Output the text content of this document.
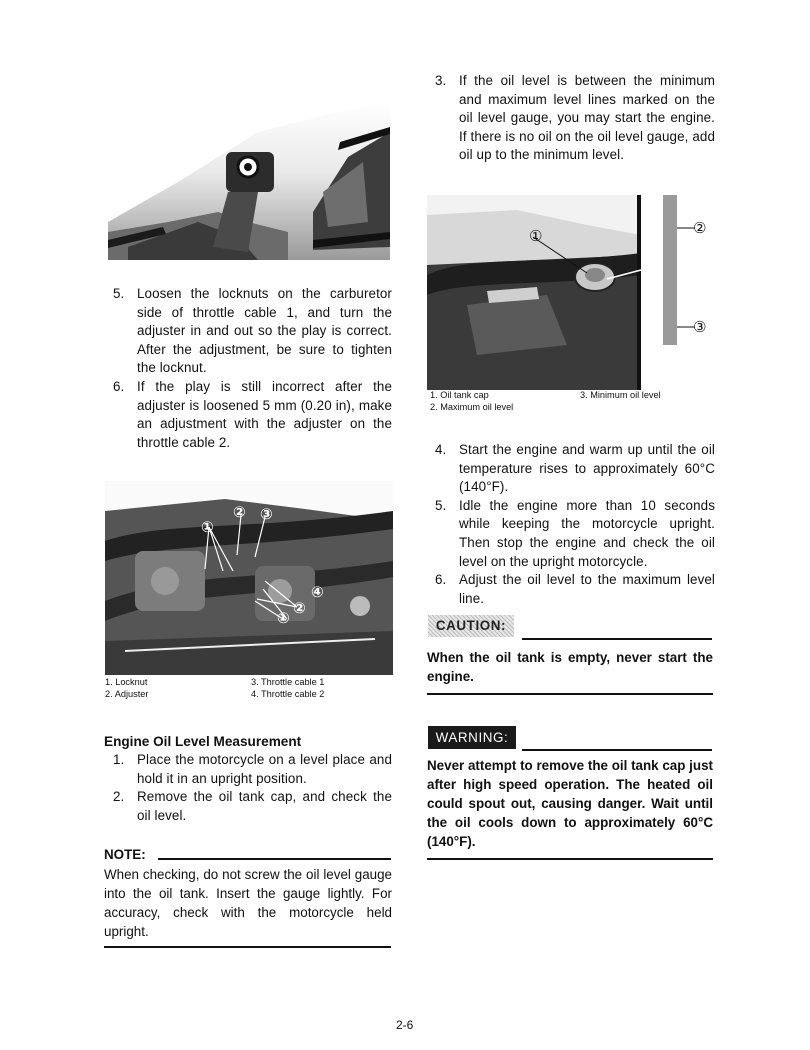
5. Loosen the locknuts on the carburetor side of throttle cable 1, and turn the adjuster in and out so the play is correct. After the adjustment, be sure to tighten the locknut.
6. If the play is still incorrect after the adjuster is loosened 5 mm (0.20 in), make an adjustment with the adjuster on the throttle cable 2.
①
② ③
④
②
①
1. Locknut
2. Adjuster
3. Throttle cable 1
4. Throttle cable 2
Engine Oil Level Measurement
1. Place the motorcycle on a level place and hold it in an upright position.
2. Remove the oil tank cap, and check the oil level.
NOTE:
When checking, do not screw the oil level gauge into the oil tank. Insert the gauge lightly. For accuracy, check with the motorcycle held upright.
3. If the oil level is between the minimum and maximum level lines marked on the oil level gauge, you may start the engine. If there is no oil on the oil level gauge, add oil up to the minimum level.
①	②
③
1. Oil tank cap
2. Maximum oil level
3. Minimum oil level
4. Start the engine and warm up until the oil temperature rises to approximately 60°C (140°F).
5. Idle the engine more than 10 seconds while keeping the motorcycle upright. Then stop the engine and check the oil level on the upright motorcycle.
6. Adjust the oil level to the maximum level line.
CAUTION:
When the oil tank is empty, never start the engine.
WARNING:
Never attempt to remove the oil tank cap just after high speed operation. The heated oil could spout out, causing danger. Wait until the oil cools down to approximately 60°C (140°F).
2-6
